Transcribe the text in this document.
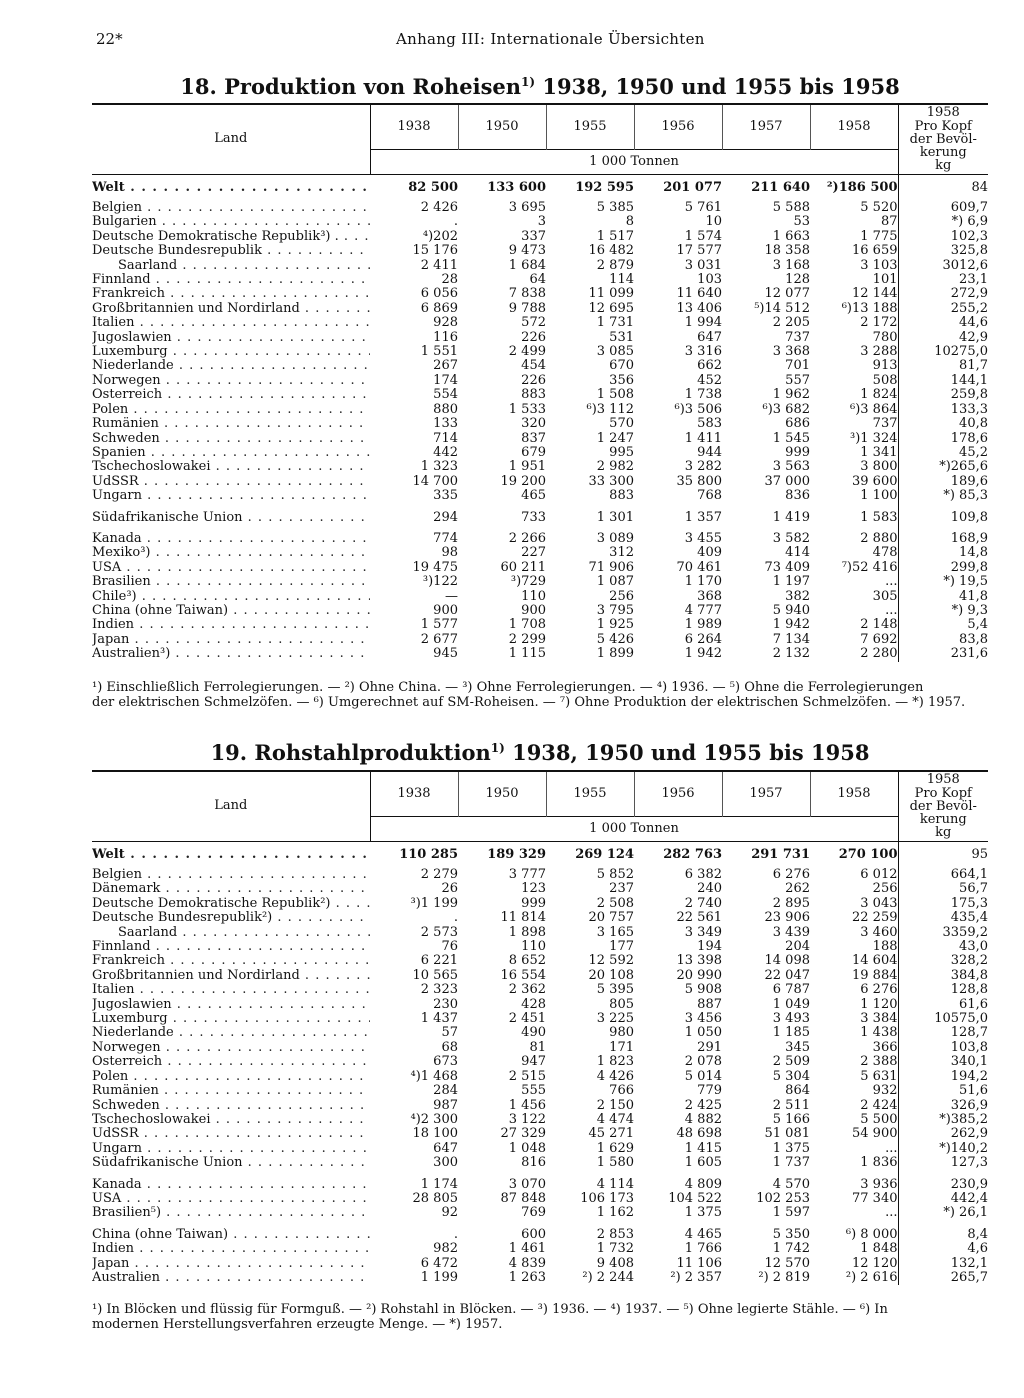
22*	Anhang III: Internationale Übersichten
18. Produktion von Roheisen$^{1)}$ 1938, 1950 und 1955 bis 1958
Land	1938	1950	1955	1956	1957	1958	1958
Pro Kopf
der Bevöl-
kerung
kg

	1 000 Tonnen						
Welt . . .	82 500	133 600	192 595	201 077	211 640	²)186 500	84
Belgien . . .	2 426	3 695	5 385	5 761	5 588	5 520	609,7
Bulgarien . . .	.	3	8	10	53	87	*) 6,9
Deutsche Demokratische Republik³) . . . .	⁴)202	337	1 517	1 574	1 663	1 775	102,3
Deutsche Bundesrepublik . . .	15 176	9 473	16 482	17 577	18 358	16 659	325,8
Saarland . . .	2 411	1 684	2 879	3 031	3 168	3 103	3012,6
Finnland . . .	28	64	114	103	128	101	23,1
Frankreich . . .	6 056	7 838	11 099	11 640	12 077	12 144	272,9
Großbritannien und Nordirland . . .	6 869	9 788	12 695	13 406	⁵)14 512	⁶)13 188	255,2
Italien . . .	928	572	1 731	1 994	2 205	2 172	44,6
Jugoslawien . . .	116	226	531	647	737	780	42,9
Luxemburg . . .	1 551	2 499	3 085	3 316	3 368	3 288	10275,0
Niederlande . . .	267	454	670	662	701	913	81,7
Norwegen . . .	174	226	356	452	557	508	144,1
Österreich . . .	554	883	1 508	1 738	1 962	1 824	259,8
Polen . . .	880	1 533	⁶)3 112	⁶)3 506	⁶)3 682	⁶)3 864	133,3
Rumänien . . .	133	320	570	583	686	737	40,8
Schweden . . .	714	837	1 247	1 411	1 545	³)1 324	178,6
Spanien . . .	442	679	995	944	999	1 341	45,2
Tschechoslowakei . . .	1 323	1 951	2 982	3 282	3 563	3 800	*)265,6
UdSSR . . .	14 700	19 200	33 300	35 800	37 000	39 600	189,6
Ungarn . . .	335	465	883	768	836	1 100	*) 85,3

Südafrikanische Union . . .	294	733	1 301	1 357	1 419	1 583	109,8

Kanada . . .	774	2 266	3 089	3 455	3 582	2 880	168,9
Mexiko³) . . .	98	227	312	409	414	478	14,8
USA . . .	19 475	60 211	71 906	70 461	73 409	⁷)52 416	299,8
Brasilien . . .	³)122	³)729	1 087	1 170	1 197	...	*) 19,5
Chile³) . . .	—	110	256	368	382	305	41,8
China (ohne Taiwan) . . .	900	900	3 795	4 777	5 940	...	*) 9,3
Indien . . .	1 577	1 708	1 925	1 989	1 942	2 148	5,4
Japan . . .	2 677	2 299	5 426	6 264	7 134	7 692	83,8
Australien³) . . .	945	1 115	1 899	1 942	2 132	2 280	231,6

¹) Einschließlich Ferrolegierungen. — ²) Ohne China. — ³) Ohne Ferrolegierungen. — ⁴) 1936. — ⁵) Ohne die Ferrolegierungen

der elektrischen Schmelzöfen. — ⁶) Umgerechnet auf SM-Roheisen. — ⁷) Ohne Produktion der elektrischen Schmelzöfen. — *) 1957.

19. Rohstahlproduktion$^{1)}$ 1938, 1950 und 1955 bis 1958
Land	1938	1950	1955	1956	1957	1958	1958
Pro Kopf
der Bevöl-
kerung
kg

	1 000 Tonnen						
Welt . . .	110 285	189 329	269 124	282 763	291 731	270 100	95
Belgien . . .	2 279	3 777	5 852	6 382	6 276	6 012	664,1
Dänemark . . .	26	123	237	240	262	256	56,7
Deutsche Demokratische Republik²) . . .	³)1 199	999	2 508	2 740	2 895	3 043	175,3
Deutsche Bundesrepublik²) . . .	.	11 814	20 757	22 561	23 906	22 259	435,4
Saarland . . .	2 573	1 898	3 165	3 349	3 439	3 460	3359,2
Finnland . . .	76	110	177	194	204	188	43,0
Frankreich . . .	6 221	8 652	12 592	13 398	14 098	14 604	328,2
Großbritannien und Nordirland . . .	10 565	16 554	20 108	20 990	22 047	19 884	384,8
Italien . . .	2 323	2 362	5 395	5 908	6 787	6 276	128,8
Jugoslawien . . .	230	428	805	887	1 049	1 120	61,6
Luxemburg . . .	1 437	2 451	3 225	3 456	3 493	3 384	10575,0
Niederlande . . .	57	490	980	1 050	1 185	1 438	128,7
Norwegen . . .	68	81	171	291	345	366	103,8
Österreich . . .	673	947	1 823	2 078	2 509	2 388	340,1
Polen . . .	⁴)1 468	2 515	4 426	5 014	5 304	5 631	194,2
Rumänien . . .	284	555	766	779	864	932	51,6
Schweden . . .	987	1 456	2 150	2 425	2 511	2 424	326,9
Tschechoslowakei . . .	⁴)2 300	3 122	4 474	4 882	5 166	5 500	*)385,2
UdSSR . . .	18 100	27 329	45 271	48 698	51 081	54 900	262,9
Ungarn . . .	647	1 048	1 629	1 415	1 375	...	*)140,2
Südafrikanische Union . . .	300	816	1 580	1 605	1 737	1 836	127,3

Kanada . . .	1 174	3 070	4 114	4 809	4 570	3 936	230,9
USA . . .	28 805	87 848	106 173	104 522	102 253	77 340	442,4
Brasilien⁵) . . .	92	769	1 162	1 375	1 597	...	*) 26,1

China (ohne Taiwan) . . .	.	600	2 853	4 465	5 350	⁶) 8 000	8,4
Indien . . .	982	1 461	1 732	1 766	1 742	1 848	4,6
Japan . . .	6 472	4 839	9 408	11 106	12 570	12 120	132,1
Australien . . .	1 199	1 263	²) 2 244	²) 2 357	²) 2 819	²) 2 616	265,7

¹) In Blöcken und flüssig für Formguß. — ²) Rohstahl in Blöcken. — ³) 1936. — ⁴) 1937. — ⁵) Ohne legierte Stähle. — ⁶) In

modernen Herstellungsverfahren erzeugte Menge. — *) 1957.
